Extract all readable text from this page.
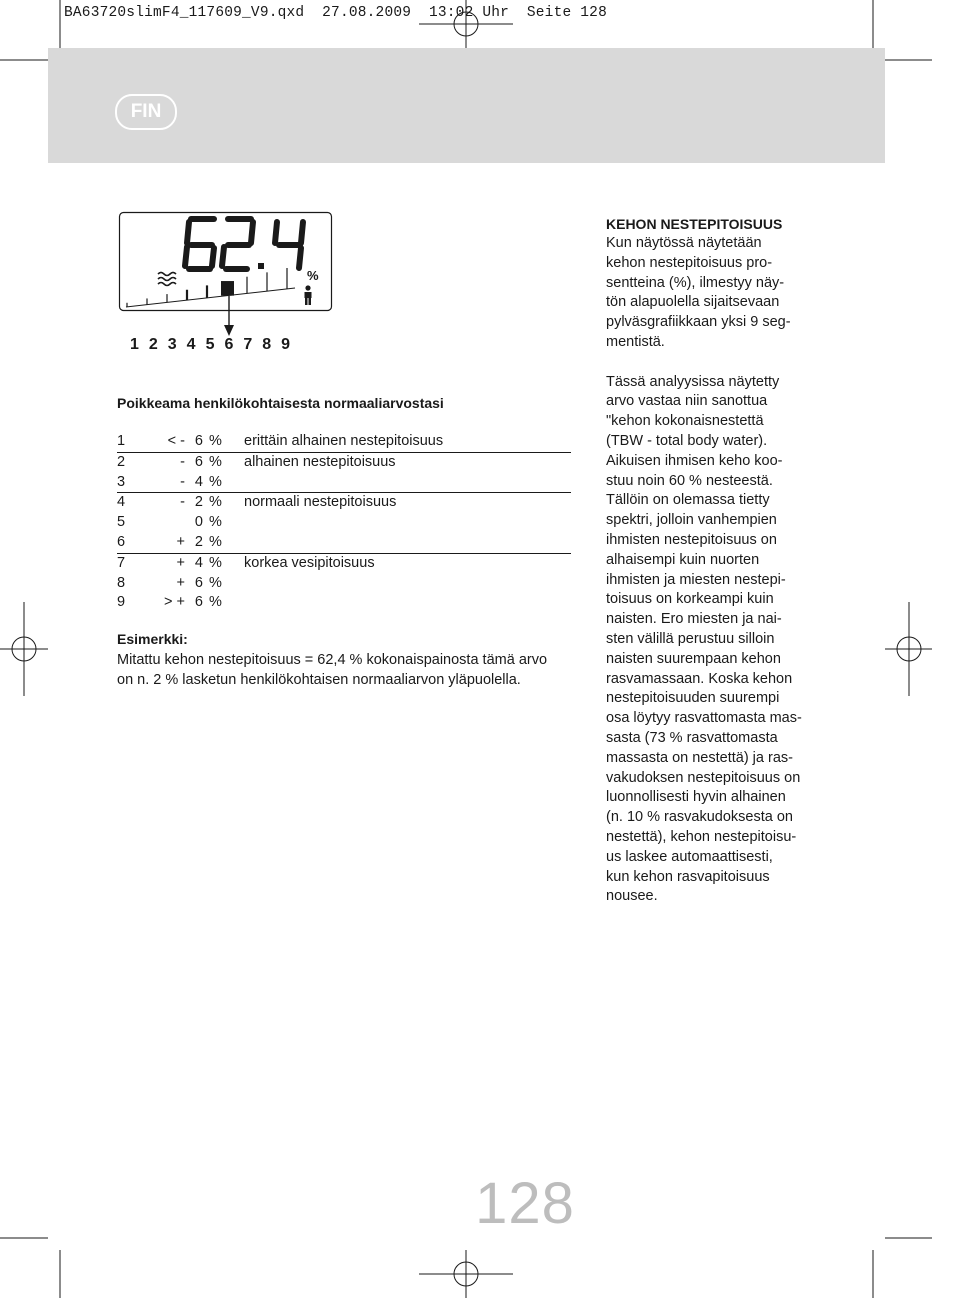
BA63720slimF4_117609_V9.qxd  27.08.2009  13:02 Uhr  Seite 128
FIN
%
1 2 3 4 5 6 7 8 9
Poikkeama henkilökohtaisesta normaaliarvostasi
1	< -	6	%	erittäin alhainen nestepitoisuus
2	-	6	%	alhainen nestepitoisuus
3	-	4	%	
4	-	2	%	normaali nestepitoisuus
5		0	%	
6	+	2	%	
7	+	4	%	korkea vesipitoisuus
8	+	6	%	
9	> +	6	%	
Esimerkki:
Mitattu kehon nestepitoisuus = 62,4 % kokonaispainosta tämä arvo on n. 2 % lasketun henkilökohtaisen normaaliarvon yläpuolella.
KEHON NESTEPITOISUUS
Kun näytössä näytetään
kehon nestepitoisuus pro-
sentteina (%), ilmestyy näy-
tön alapuolella sijaitsevaan
pylväsgrafiikkaan yksi 9 seg-
mentistä.
Tässä analyysissa näytetty
arvo vastaa niin sanottua
"kehon kokonaisnestettä
(TBW - total body water).
Aikuisen ihmisen keho koo-
stuu noin 60 % nesteestä.
Tällöin on olemassa tietty
spektri, jolloin vanhempien
ihmisten nestepitoisuus on
alhaisempi kuin nuorten
ihmisten ja miesten nestepi-
toisuus on korkeampi kuin
naisten. Ero miesten ja nai-
sten välillä perustuu silloin
naisten suurempaan kehon
rasvamassaan. Koska kehon
nestepitoisuuden suurempi
osa löytyy rasvattomasta mas-
sasta (73 % rasvattomasta
massasta on nestettä) ja ras-
vakudoksen nestepitoisuus on
luonnollisesti hyvin alhainen
(n. 10 % rasvakudoksesta on
nestettä), kehon nestepitoisu-
us laskee automaattisesti,
kun kehon rasvapitoisuus
nousee.
128
